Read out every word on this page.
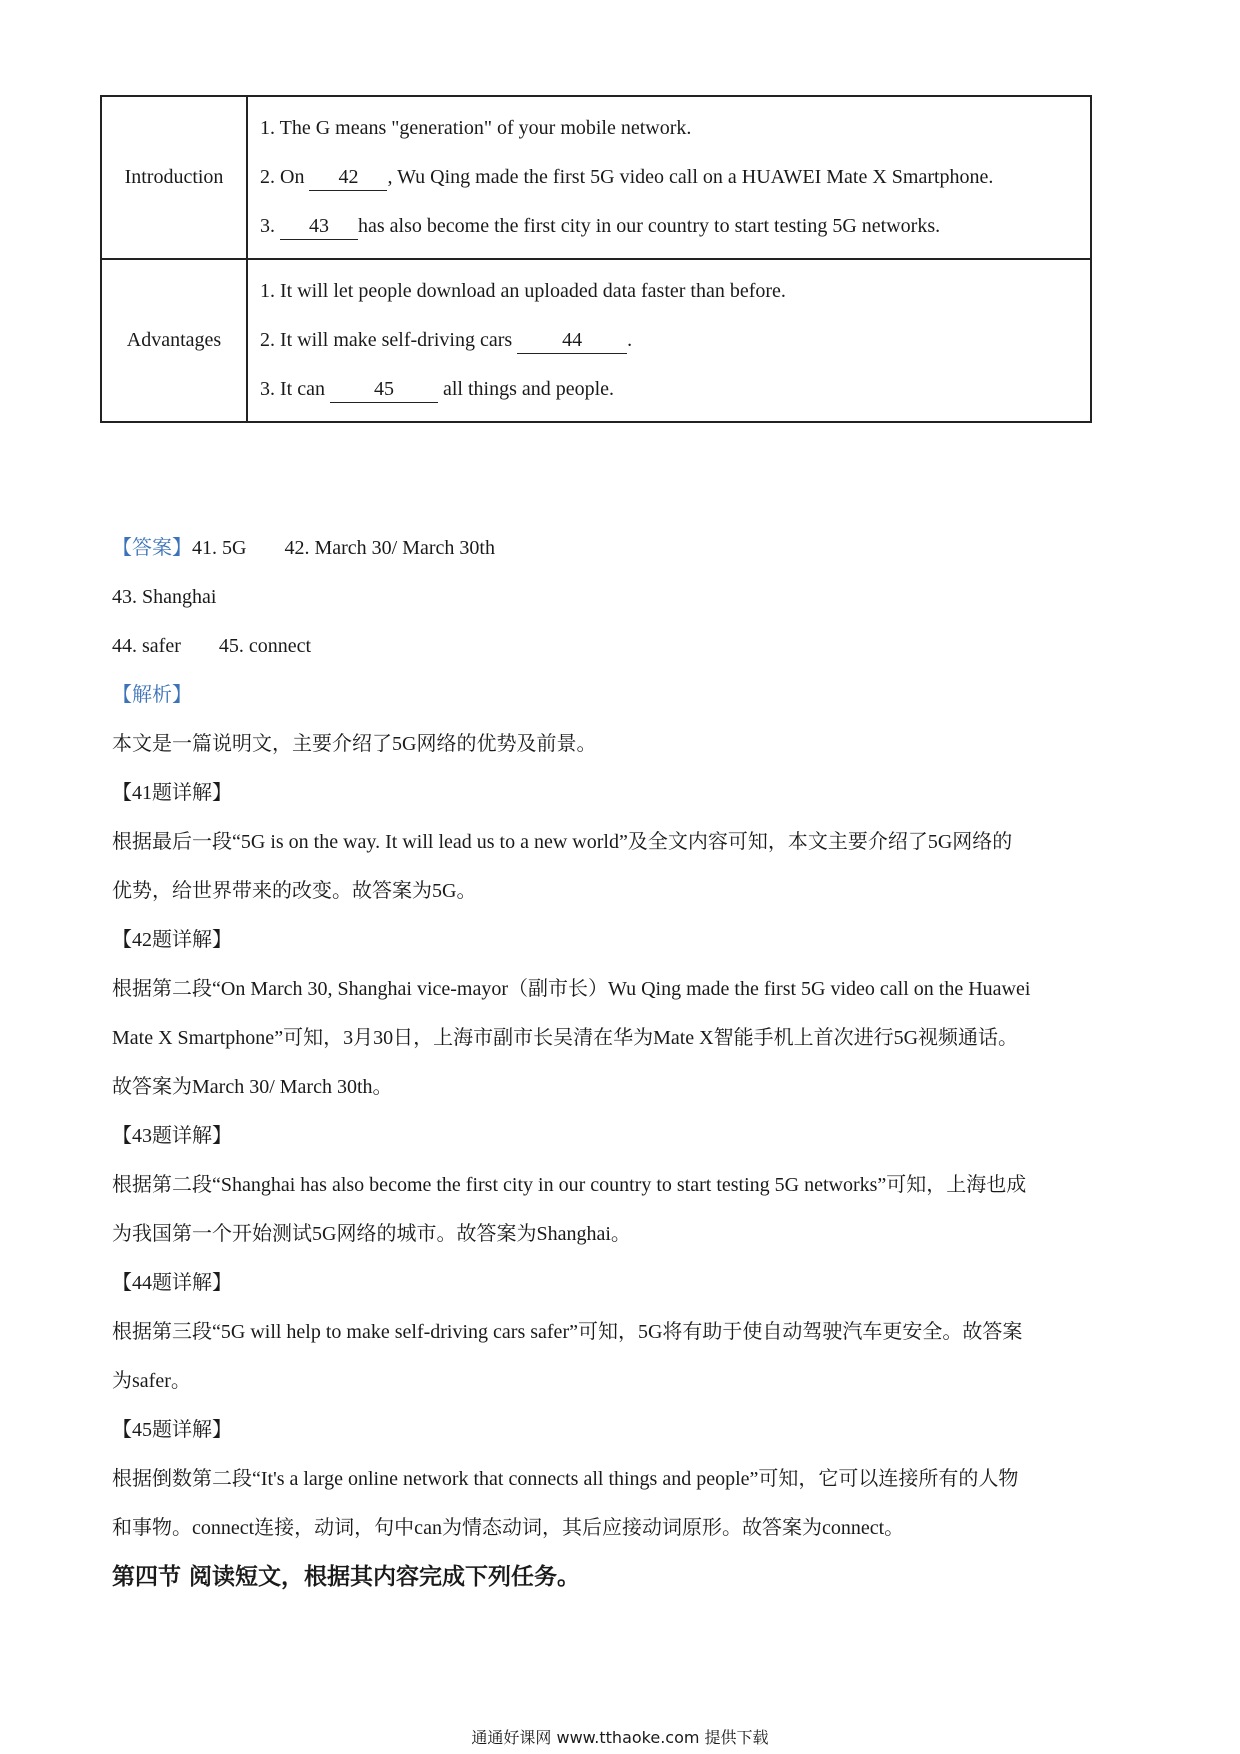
Introduction	1. The G means "generation" of your mobile network.
2. On 42 , Wu Qing made the first 5G video call on a HUAWEI Mate X Smartphone.
3. 43 has also become the first city in our country to start testing 5G networks.

Advantages	1. It will let people download an uploaded data faster than before.
2. It will make self-driving cars 44 .
3. It can 45 all things and people.
【答案】41. 5G 42. March 30/ March 30th
43. Shanghai
44. safer 45. connect
【解析】
本文是一篇说明文，主要介绍了5G网络的优势及前景。
【41题详解】
根据最后一段“5G is on the way. It will lead us to a new world”及全文内容可知，本文主要介绍了5G网络的
优势，给世界带来的改变。故答案为5G。
【42题详解】
根据第二段“On March 30, Shanghai vice-mayor（副市长）Wu Qing made the first 5G video call on the Huawei
Mate X Smartphone”可知，3月30日，上海市副市长吴清在华为Mate X智能手机上首次进行5G视频通话。
故答案为March 30/ March 30th。
【43题详解】
根据第二段“Shanghai has also become the first city in our country to start testing 5G networks”可知，上海也成
为我国第一个开始测试5G网络的城市。故答案为Shanghai。
【44题详解】
根据第三段“5G will help to make self-driving cars safer”可知，5G将有助于使自动驾驶汽车更安全。故答案
为safer。
【45题详解】
根据倒数第二段“It's a large online network that connects all things and people”可知，它可以连接所有的人物
和事物。connect连接，动词，句中can为情态动词，其后应接动词原形。故答案为connect。
第四节 阅读短文，根据其内容完成下列任务。
通通好课网 www.tthaoke.com 提供下载
